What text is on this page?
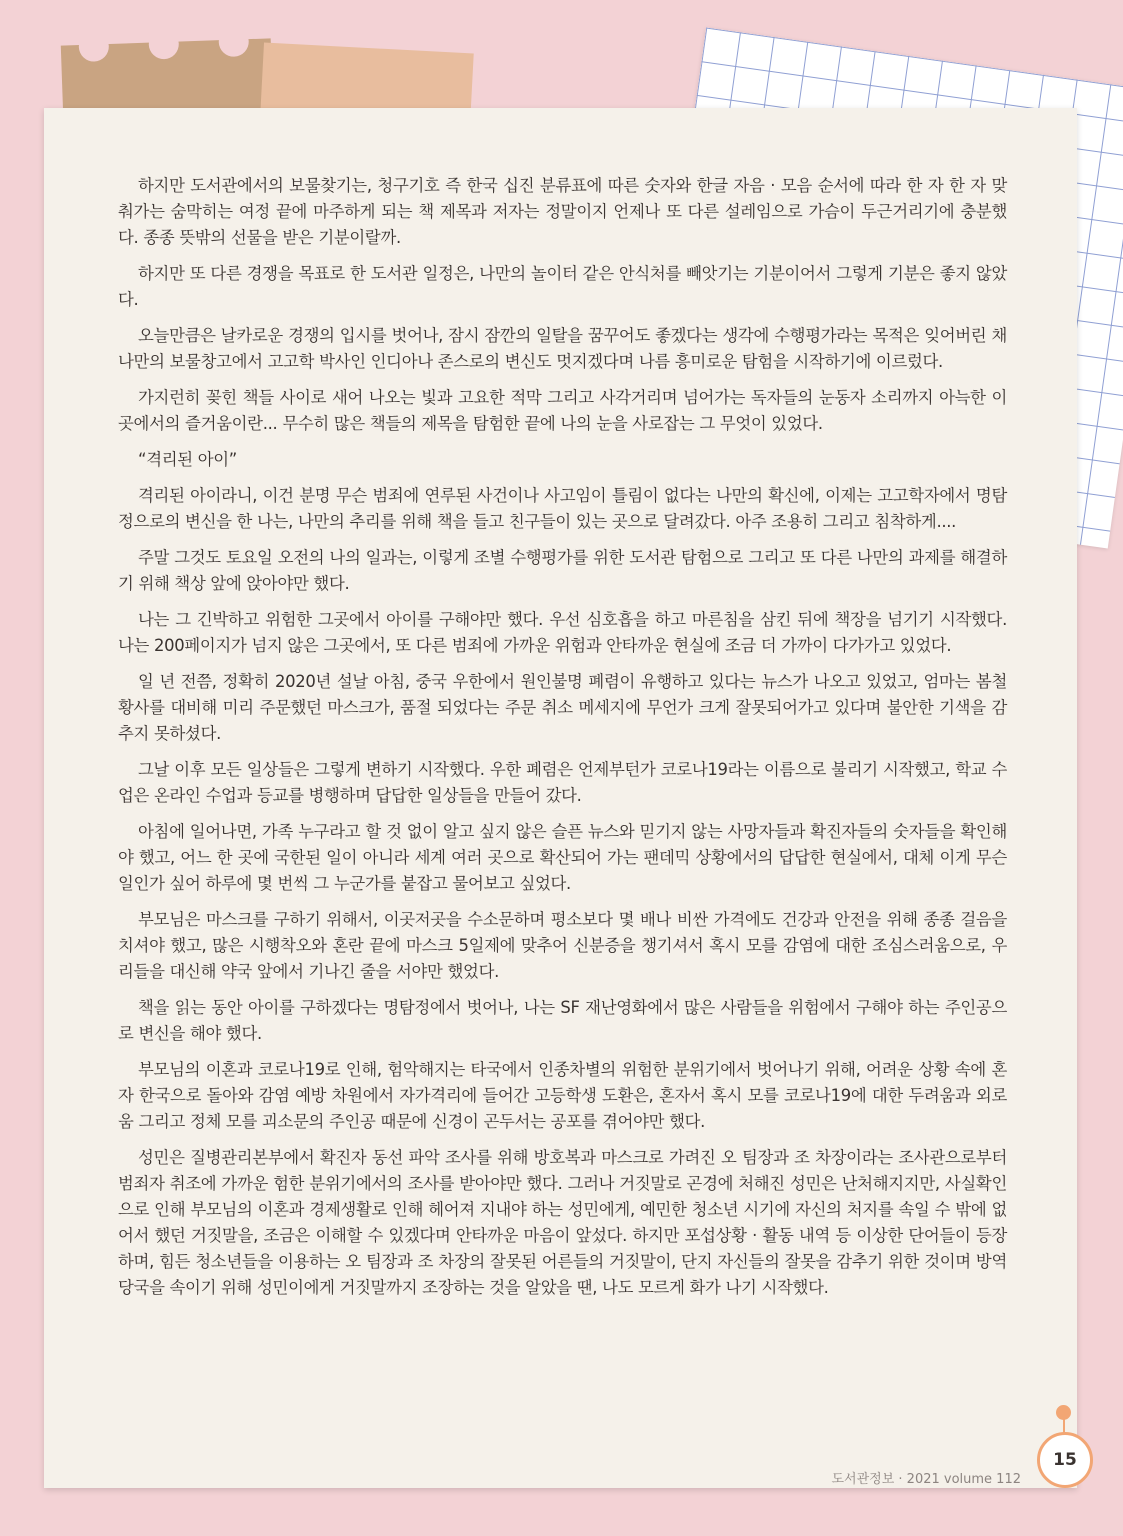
하지만 도서관에서의 보물찾기는, 청구기호 즉 한국 십진 분류표에 따른 숫자와 한글 자음 · 모음 순서에 따라 한 자 한 자 맞춰가는 숨막히는 여정 끝에 마주하게 되는 책 제목과 저자는 정말이지 언제나 또 다른 설레임으로 가슴이 두근거리기에 충분했다. 종종 뜻밖의 선물을 받은 기분이랄까.

하지만 또 다른 경쟁을 목표로 한 도서관 일정은, 나만의 놀이터 같은 안식처를 빼앗기는 기분이어서 그렇게 기분은 좋지 않았다.

오늘만큼은 날카로운 경쟁의 입시를 벗어나, 잠시 잠깐의 일탈을 꿈꾸어도 좋겠다는 생각에 수행평가라는 목적은 잊어버린 채 나만의 보물창고에서 고고학 박사인 인디아나 존스로의 변신도 멋지겠다며 나름 흥미로운 탐험을 시작하기에 이르렀다.

가지런히 꽂힌 책들 사이로 새어 나오는 빛과 고요한 적막 그리고 사각거리며 넘어가는 독자들의 눈동자 소리까지 아늑한 이곳에서의 즐거움이란... 무수히 많은 책들의 제목을 탐험한 끝에 나의 눈을 사로잡는 그 무엇이 있었다.

“격리된 아이”

격리된 아이라니, 이건 분명 무슨 범죄에 연루된 사건이나 사고임이 틀림이 없다는 나만의 확신에, 이제는 고고학자에서 명탐정으로의 변신을 한 나는, 나만의 추리를 위해 책을 들고 친구들이 있는 곳으로 달려갔다. 아주 조용히 그리고 침착하게....

주말 그것도 토요일 오전의 나의 일과는, 이렇게 조별 수행평가를 위한 도서관 탐험으로 그리고 또 다른 나만의 과제를 해결하기 위해 책상 앞에 앉아야만 했다.

나는 그 긴박하고 위험한 그곳에서 아이를 구해야만 했다. 우선 심호흡을 하고 마른침을 삼킨 뒤에 책장을 넘기기 시작했다. 나는 200페이지가 넘지 않은 그곳에서, 또 다른 범죄에 가까운 위험과 안타까운 현실에 조금 더 가까이 다가가고 있었다.

일 년 전쯤, 정확히 2020년 설날 아침, 중국 우한에서 원인불명 폐렴이 유행하고 있다는 뉴스가 나오고 있었고, 엄마는 봄철 황사를 대비해 미리 주문했던 마스크가, 품절 되었다는 주문 취소 메세지에 무언가 크게 잘못되어가고 있다며 불안한 기색을 감추지 못하셨다.

그날 이후 모든 일상들은 그렇게 변하기 시작했다. 우한 폐렴은 언제부턴가 코로나19라는 이름으로 불리기 시작했고, 학교 수업은 온라인 수업과 등교를 병행하며 답답한 일상들을 만들어 갔다.

아침에 일어나면, 가족 누구라고 할 것 없이 알고 싶지 않은 슬픈 뉴스와 믿기지 않는 사망자들과 확진자들의 숫자들을 확인해야 했고, 어느 한 곳에 국한된 일이 아니라 세계 여러 곳으로 확산되어 가는 팬데믹 상황에서의 답답한 현실에서, 대체 이게 무슨 일인가 싶어 하루에 몇 번씩 그 누군가를 붙잡고 물어보고 싶었다.

부모님은 마스크를 구하기 위해서, 이곳저곳을 수소문하며 평소보다 몇 배나 비싼 가격에도 건강과 안전을 위해 종종 걸음을 치셔야 했고, 많은 시행착오와 혼란 끝에 마스크 5일제에 맞추어 신분증을 챙기셔서 혹시 모를 감염에 대한 조심스러움으로, 우리들을 대신해 약국 앞에서 기나긴 줄을 서야만 했었다.

책을 읽는 동안 아이를 구하겠다는 명탐정에서 벗어나, 나는 SF 재난영화에서 많은 사람들을 위험에서 구해야 하는 주인공으로 변신을 해야 했다.

부모님의 이혼과 코로나19로 인해, 험악해지는 타국에서 인종차별의 위험한 분위기에서 벗어나기 위해, 어려운 상황 속에 혼자 한국으로 돌아와 감염 예방 차원에서 자가격리에 들어간 고등학생 도환은, 혼자서 혹시 모를 코로나19에 대한 두려움과 외로움 그리고 정체 모를 괴소문의 주인공 때문에 신경이 곤두서는 공포를 겪어야만 했다.

성민은 질병관리본부에서 확진자 동선 파악 조사를 위해 방호복과 마스크로 가려진 오 팀장과 조 차장이라는 조사관으로부터 범죄자 취조에 가까운 험한 분위기에서의 조사를 받아야만 했다. 그러나 거짓말로 곤경에 처해진 성민은 난처해지지만, 사실확인으로 인해 부모님의 이혼과 경제생활로 인해 헤어져 지내야 하는 성민에게, 예민한 청소년 시기에 자신의 처지를 속일 수 밖에 없어서 했던 거짓말을, 조금은 이해할 수 있겠다며 안타까운 마음이 앞섰다. 하지만 포섭상황 · 활동 내역 등 이상한 단어들이 등장하며, 힘든 청소년들을 이용하는 오 팀장과 조 차장의 잘못된 어른들의 거짓말이, 단지 자신들의 잘못을 감추기 위한 것이며 방역 당국을 속이기 위해 성민이에게 거짓말까지 조장하는 것을 알았을 땐, 나도 모르게 화가 나기 시작했다.

도서관정보 · 2021 volume 112
15
